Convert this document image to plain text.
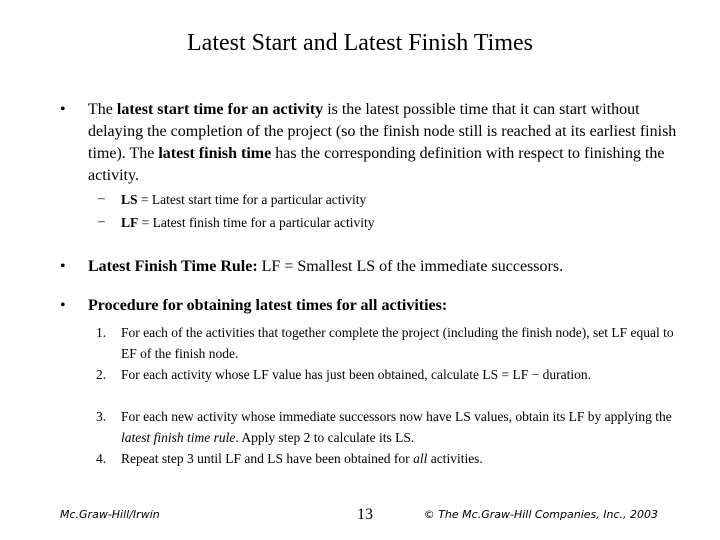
Latest Start and Latest Finish Times
• The latest start time for an activity is the latest possible time that it can start without delaying the completion of the project (so the finish node still is reached at its earliest finish time). The latest finish time has the corresponding definition with respect to finishing the activity.
– LS = Latest start time for a particular activity
– LF = Latest finish time for a particular activity
• Latest Finish Time Rule: LF = Smallest LS of the immediate successors.
• Procedure for obtaining latest times for all activities:
1. For each of the activities that together complete the project (including the finish node), set LF equal to EF of the finish node.
2. For each activity whose LF value has just been obtained, calculate LS = LF − duration.
3. For each new activity whose immediate successors now have LS values, obtain its LF by applying the latest finish time rule. Apply step 2 to calculate its LS.
4. Repeat step 3 until LF and LS have been obtained for all activities.
Mc.Graw-Hill/Irwin	13	© The Mc.Graw-Hill Companies, Inc., 2003
